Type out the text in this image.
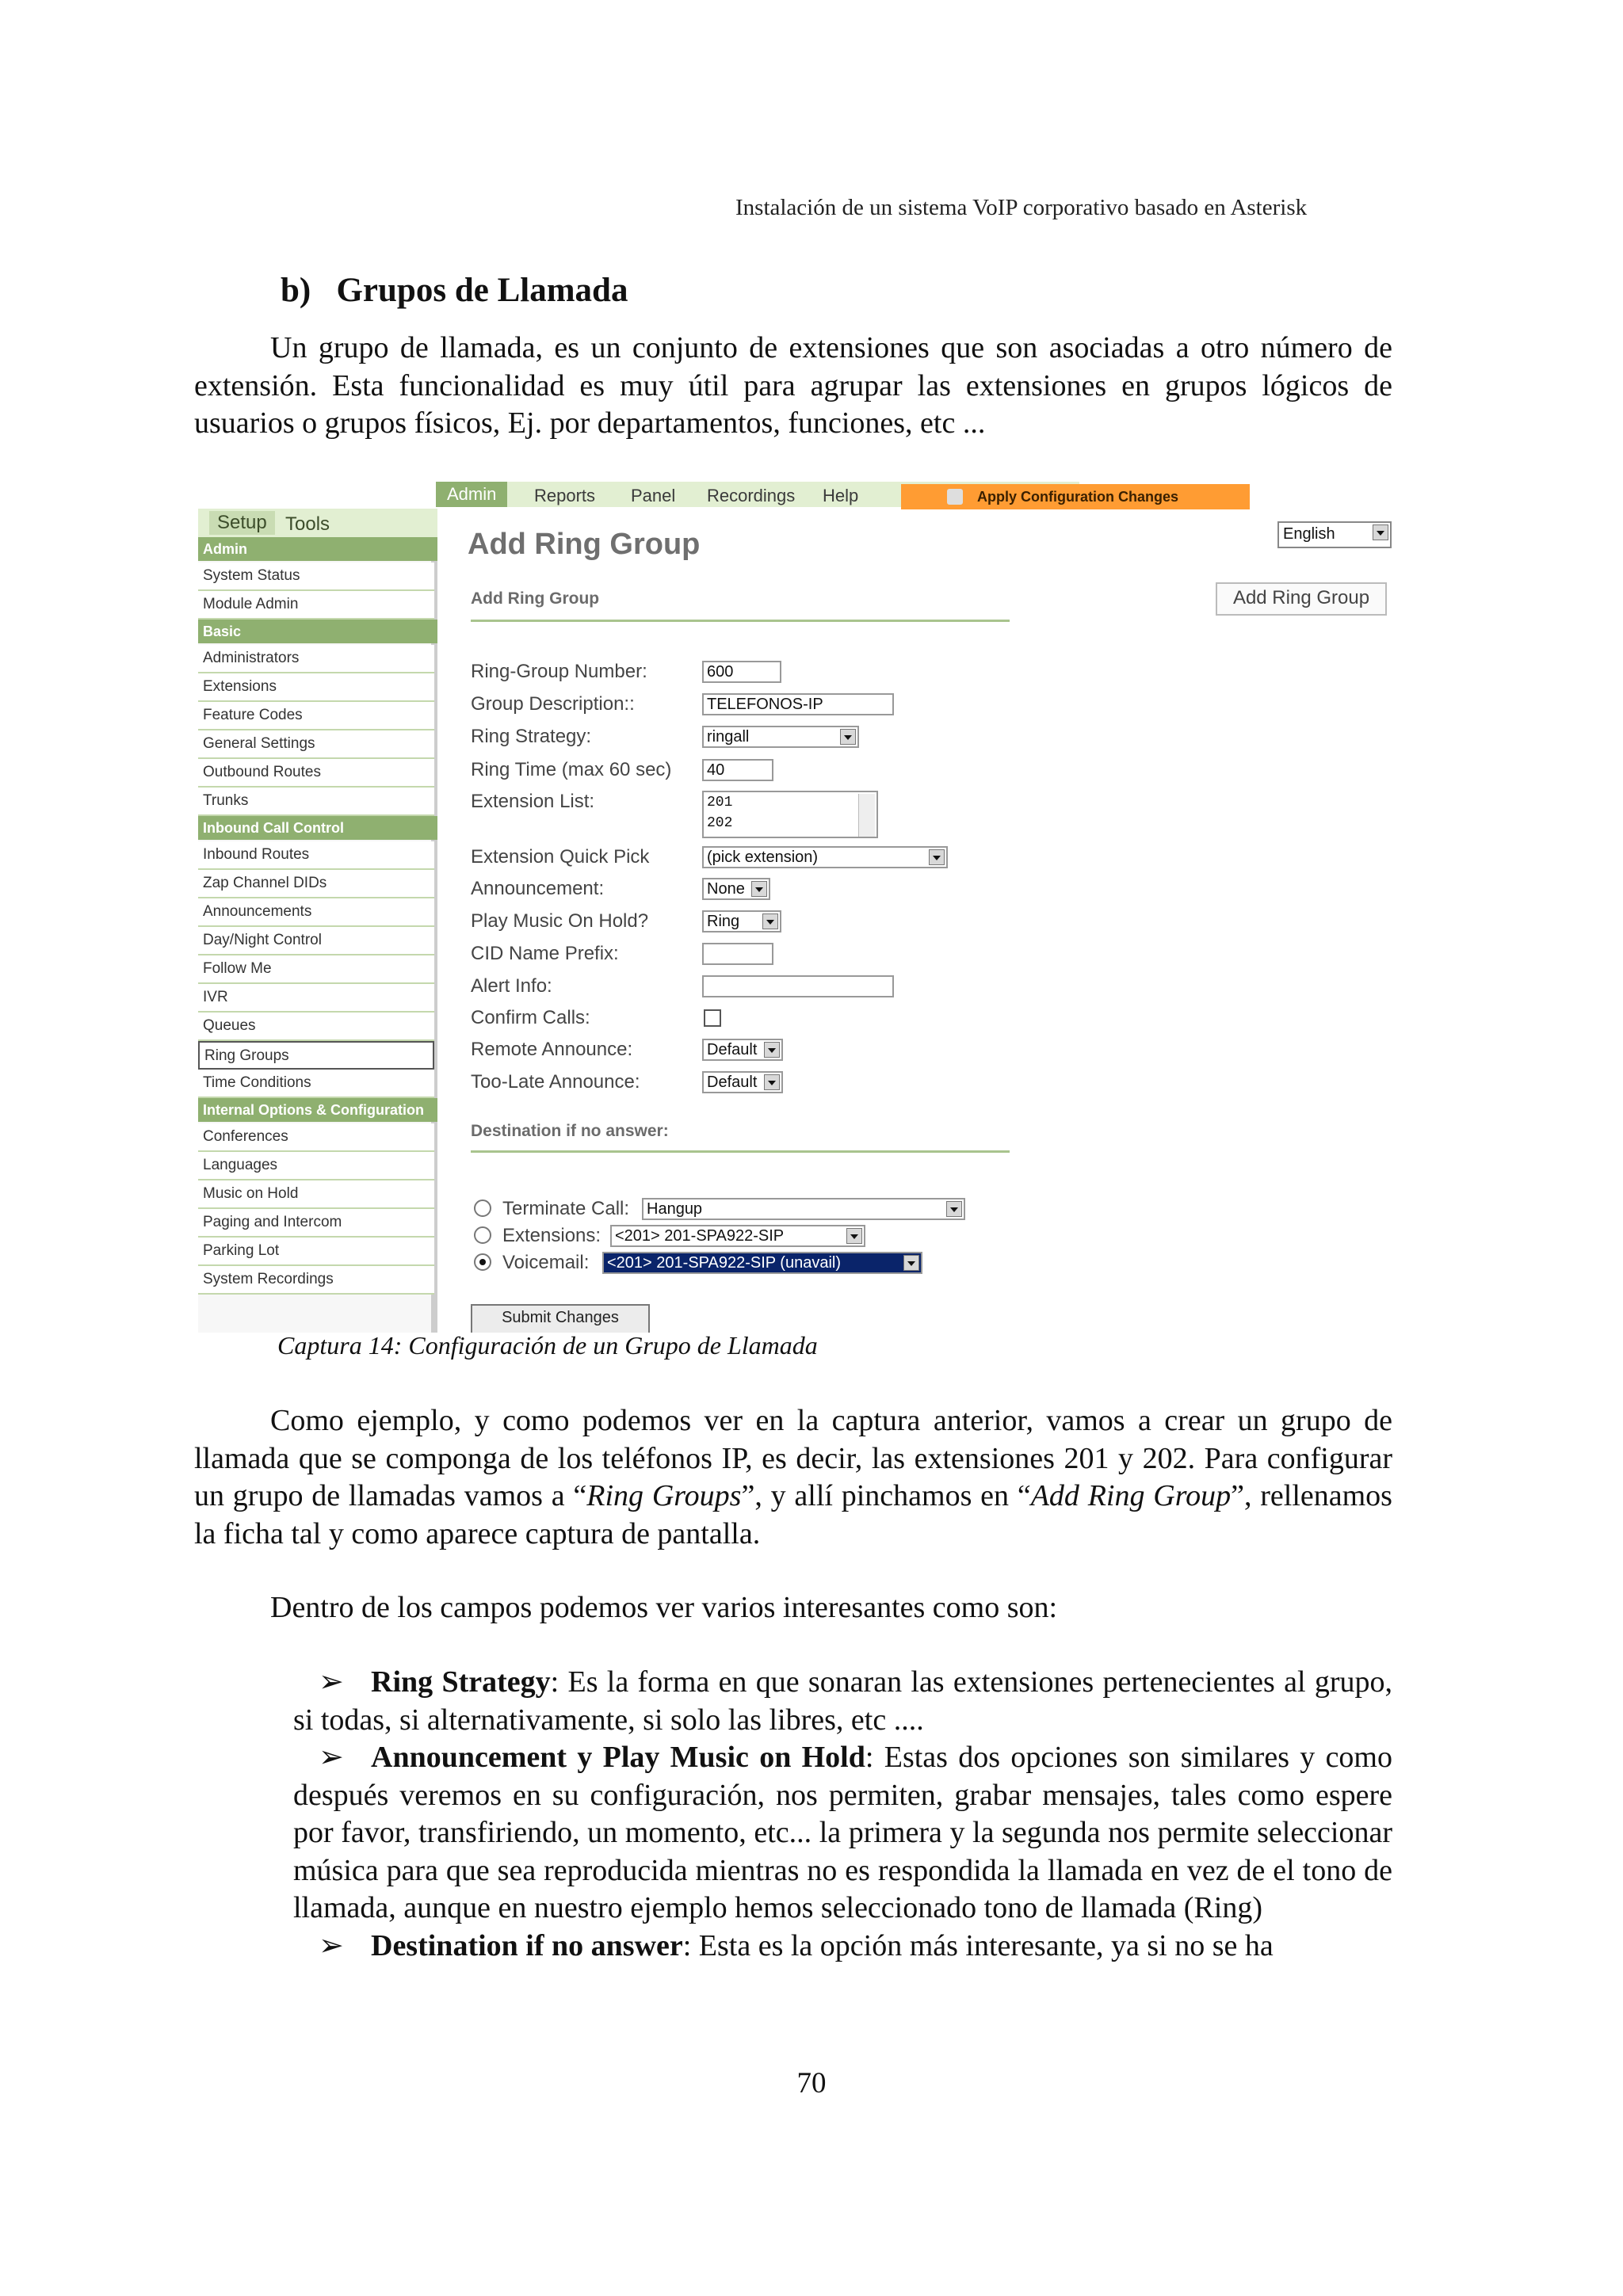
Instalación de un sistema VoIP corporativo basado en Asterisk
b) Grupos de Llamada
Un grupo de llamada, es un conjunto de extensiones que son asociadas a otro número de extensión. Esta funcionalidad es muy útil para agrupar las extensiones en grupos lógicos de usuarios o grupos físicos, Ej. por departamentos, funciones, etc ...
Setup Tools
Admin	Reports Panel Recordings Help	Apply Configuration Changes
Admin
System Status
Module Admin
Basic
Administrators
Extensions
Feature Codes
General Settings
Outbound Routes
Trunks
Inbound Call Control
Inbound Routes
Zap Channel DIDs
Announcements
Day/Night Control
Follow Me
IVR
Queues
Ring Groups
Time Conditions
Internal Options & Configuration
Conferences
Languages
Music on Hold
Paging and Intercom
Parking Lot
System Recordings
Add Ring Group	English
Add Ring Group
Add Ring Group
Ring-Group Number:	600
Group Description::	TELEFONOS-IP
Ring Strategy:	ringall
Ring Time (max 60 sec) 40
Extension List:	201
202
Extension Quick Pick	(pick extension)
Announcement:	None
Play Music On Hold?	Ring
CID Name Prefix:
Alert Info:
Confirm Calls:
Remote Announce:	Default
Too-Late Announce:	Default
Destination if no answer:
Terminate Call: Hangup
Extensions: <201> 201-SPA922-SIP
Voicemail: <201> 201-SPA922-SIP (unavail)
Submit Changes
Captura 14: Configuración de un Grupo de Llamada
Como ejemplo, y como podemos ver en la captura anterior, vamos a crear un grupo de llamada que se componga de los teléfonos IP, es decir, las extensiones 201 y 202. Para configurar un grupo de llamadas vamos a “Ring Groups”, y allí pinchamos en “Add Ring Group”, rellenamos la ficha tal y como aparece captura de pantalla.
Dentro de los campos podemos ver varios interesantes como son:
➢ Ring Strategy: Es la forma en que sonaran las extensiones pertenecientes al grupo, si todas, si alternativamente, si solo las libres, etc ....
➢ Announcement y Play Music on Hold: Estas dos opciones son similares y como después veremos en su configuración, nos permiten, grabar mensajes, tales como espere por favor, transfiriendo, un momento, etc... la primera y la segunda nos permite seleccionar música para que sea reproducida mientras no es respondida la llamada en vez de el tono de llamada, aunque en nuestro ejemplo hemos seleccionado tono de llamada (Ring)
➢ Destination if no answer: Esta es la opción más interesante, ya si no se ha
70
